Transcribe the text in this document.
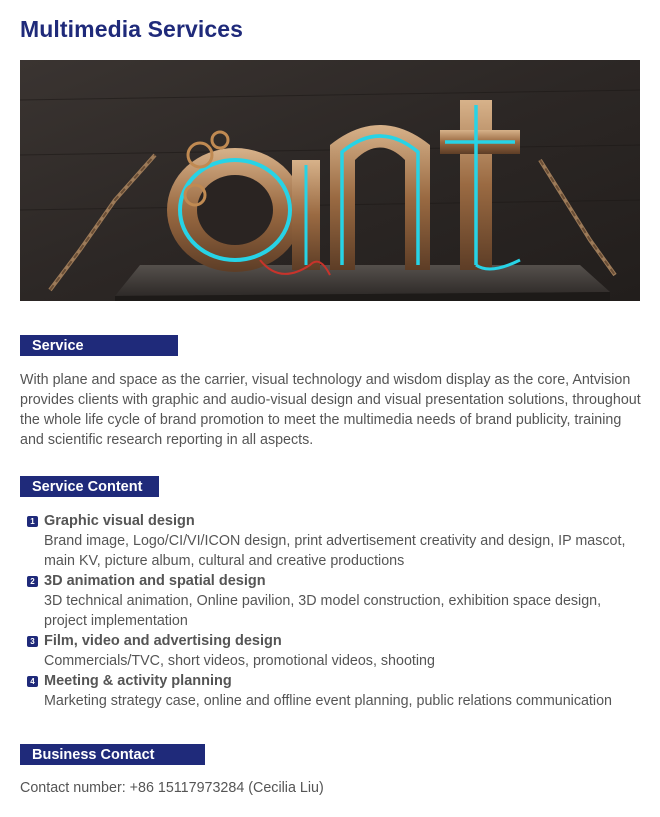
Multimedia Services
Service Introduction

With plane and space as the carrier, visual technology and wisdom display as the core, Antvision provides clients with graphic and audio-visual design and visual presentation solutions, throughout the whole life cycle of brand promotion to meet the multimedia needs of brand publicity, training and scientific research reporting in all aspects.

Service Content
1 Graphic visual design
Brand image, Logo/CI/VI/ICON design, print advertisement creativity and design, IP mascot, main KV, picture album, cultural and creative productions
2 3D animation and spatial design
3D technical animation, Online pavilion, 3D model construction, exhibition space design, project implementation
3 Film, video and advertising design
Commercials/TVC, short videos, promotional videos, shooting
4 Meeting & activity planning
Marketing strategy case, online and offline event planning, public relations communication
Business Contact

Contact number: +86 15117973284 (Cecilia Liu)
